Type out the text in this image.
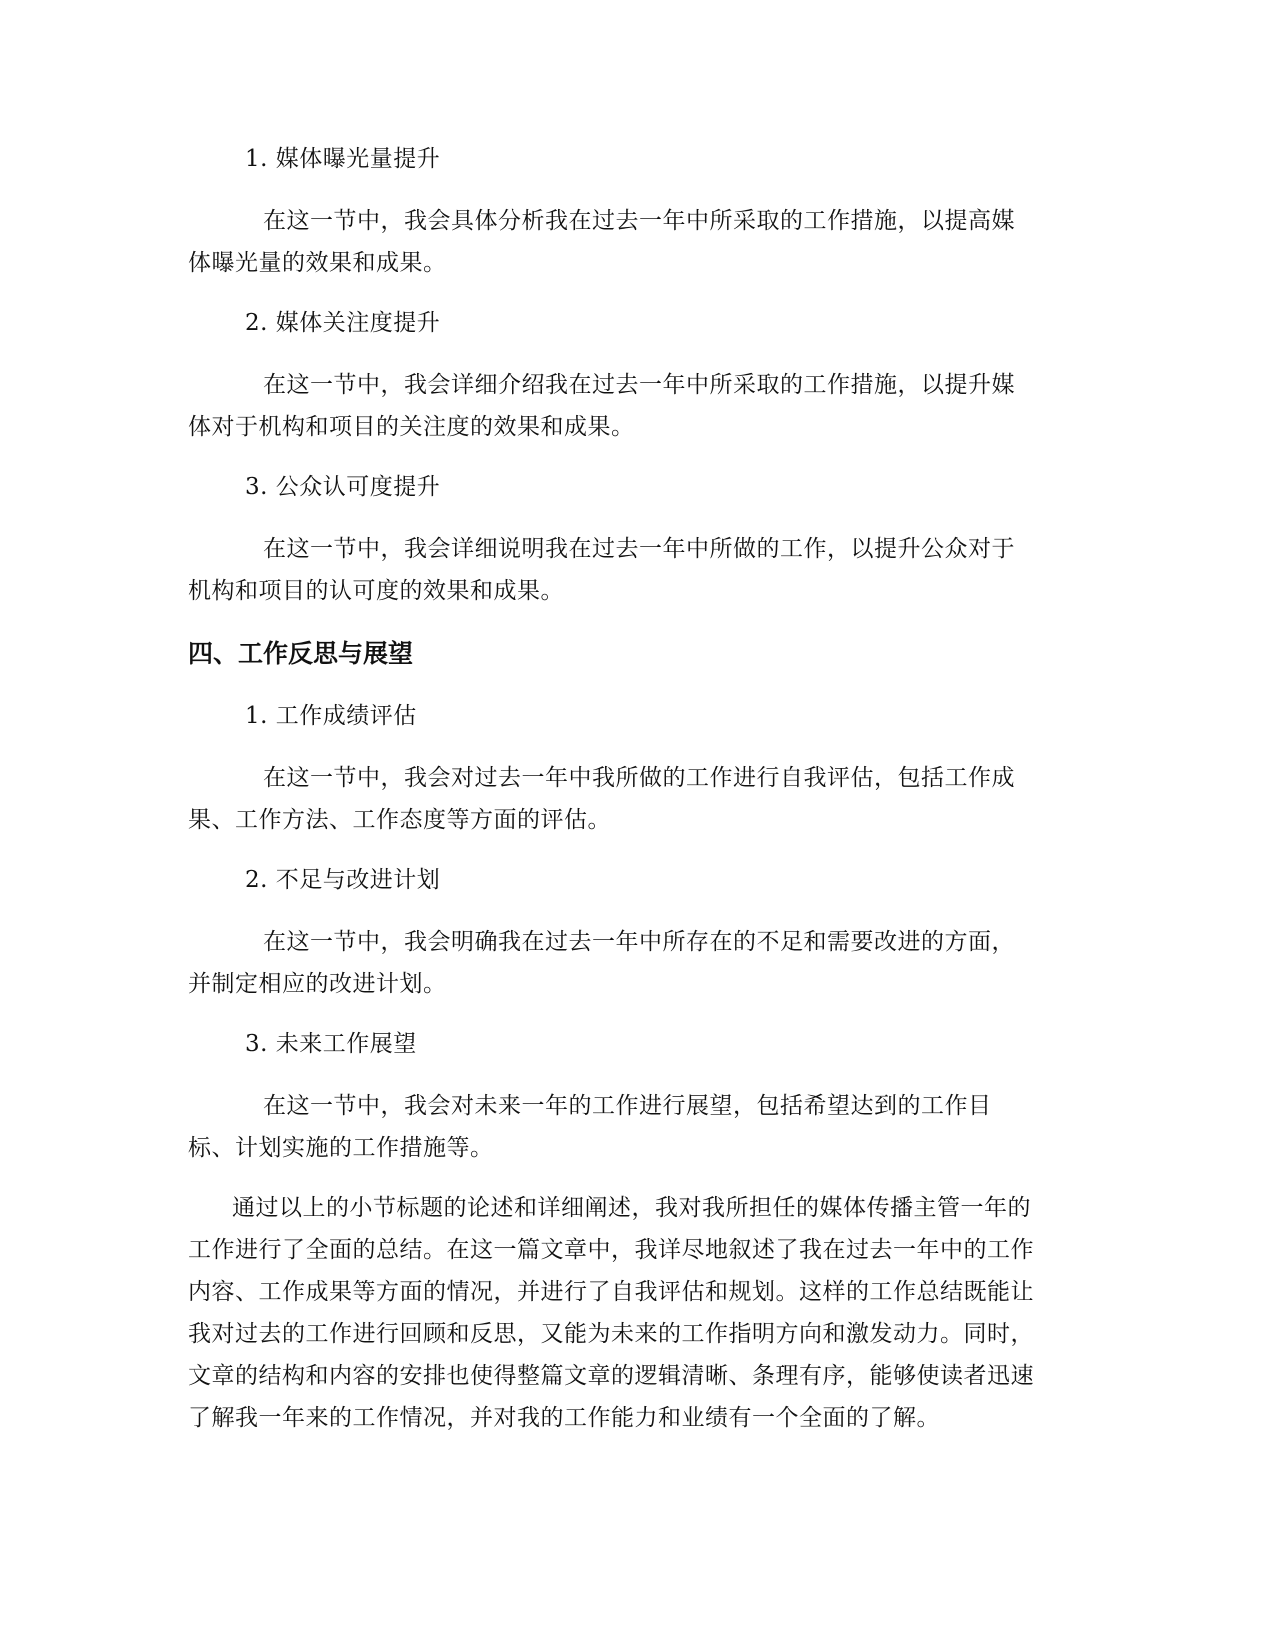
1. 媒体曝光量提升

在这一节中，我会具体分析我在过去一年中所采取的工作措施，以提高媒

体曝光量的效果和成果。

2. 媒体关注度提升

在这一节中，我会详细介绍我在过去一年中所采取的工作措施，以提升媒

体对于机构和项目的关注度的效果和成果。

3. 公众认可度提升

在这一节中，我会详细说明我在过去一年中所做的工作，以提升公众对于

机构和项目的认可度的效果和成果。

四、工作反思与展望

1. 工作成绩评估

在这一节中，我会对过去一年中我所做的工作进行自我评估，包括工作成

果、工作方法、工作态度等方面的评估。

2. 不足与改进计划

在这一节中，我会明确我在过去一年中所存在的不足和需要改进的方面，

并制定相应的改进计划。

3. 未来工作展望

在这一节中，我会对未来一年的工作进行展望，包括希望达到的工作目

标、计划实施的工作措施等。

通过以上的小节标题的论述和详细阐述，我对我所担任的媒体传播主管一年的

工作进行了全面的总结。在这一篇文章中，我详尽地叙述了我在过去一年中的工作

内容、工作成果等方面的情况，并进行了自我评估和规划。这样的工作总结既能让

我对过去的工作进行回顾和反思，又能为未来的工作指明方向和激发动力。同时，

文章的结构和内容的安排也使得整篇文章的逻辑清晰、条理有序，能够使读者迅速

了解我一年来的工作情况，并对我的工作能力和业绩有一个全面的了解。
